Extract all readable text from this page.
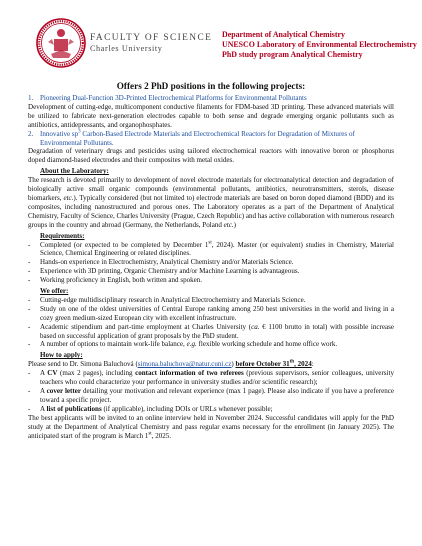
FACULTY OF SCIENCE
Charles University
Department of Analytical Chemistry
UNESCO Laboratory of Environmental Electrochemistry
PhD study program Analytical Chemistry
Offers 2 PhD positions in the following projects:
1. Pioneering Dual-Function 3D-Printed Electrochemical Platforms for Environmental Pollutants

Development of cutting-edge, multicomponent conductive filaments for FDM-based 3D printing. These advanced materials will be utilized to fabricate next-generation electrodes capable to both sense and degrade emerging organic pollutants such as antibiotics, antidepressants, and organophosphates.

2. Innovative $sp^3$ Carbon-Based Electrode Materials and Electrochemical Reactors for Degradation of Mixtures of Environmental Pollutants.

Degradation of veterinary drugs and pesticides using tailored electrochemical reactors with innovative boron or phosphorus doped diamond-based electrodes and their composites with metal oxides.

About the Laboratory:

The research is devoted primarily to development of novel electrode materials for electroanalytical detection and degradation of biologically active small organic compounds (environmental pollutants, antibiotics, neurotransmitters, sterols, disease biomarkers, etc.). Typically considered (but not limited to) electrode materials are based on boron doped diamond (BDD) and its composites, including nanostructured and porous ones. The Laboratory operates as a part of the Department of Analytical Chemistry, Faculty of Science, Charles University (Prague, Czech Republic) and has active collaboration with numerous research groups in the country and abroad (Germany, the Netherlands, Poland etc.)

Requirements:
-	Completed (or expected to be completed by December 1st, 2024). Master (or equivalent) studies in Chemistry, Material Science, Chemical Engineering or related disciplines.
-	Hands-on experience in Electrochemistry, Analytical Chemistry and/or Materials Science.
-	Experience with 3D printing, Organic Chemistry and/or Machine Learning is advantageous.
-	Working proficiency in English, both written and spoken.
We offer:
-	Cutting-edge multidisciplinary research in Analytical Electrochemistry and Materials Science.
-	Study on one of the oldest universities of Central Europe ranking among 250 best universities in the world and living in a cozy green medium-sized European city with excellent infrastructure.
-	Academic stipendium and part-time employment at Charles University (ca. € 1100 brutto in total) with possible increase based on successful application of grant proposals by the PhD student.
-	A number of options to maintain work-life balance, e.g. flexible working schedule and home office work.
How to apply:

Please send to Dr. Simona Baluchová (simona.baluchova@natur.cuni.cz) before October 31th, 2024:

-	A CV (max 2 pages), including contact information of two referees (previous supervisors, senior colleagues, university teachers who could characterize your performance in university studies and/or scientific research);
-	A cover letter detailing your motivation and relevant experience (max 1 page). Please also indicate if you have a preference toward a specific project.
-	A list of publications (if applicable), including DOIs or URLs whenever possible;

The best applicants will be invited to an online interview held in November 2024. Successful candidates will apply for the PhD study at the Department of Analytical Chemistry and pass regular exams necessary for the enrollment (in January 2025). The anticipated start of the program is March 1st, 2025.
